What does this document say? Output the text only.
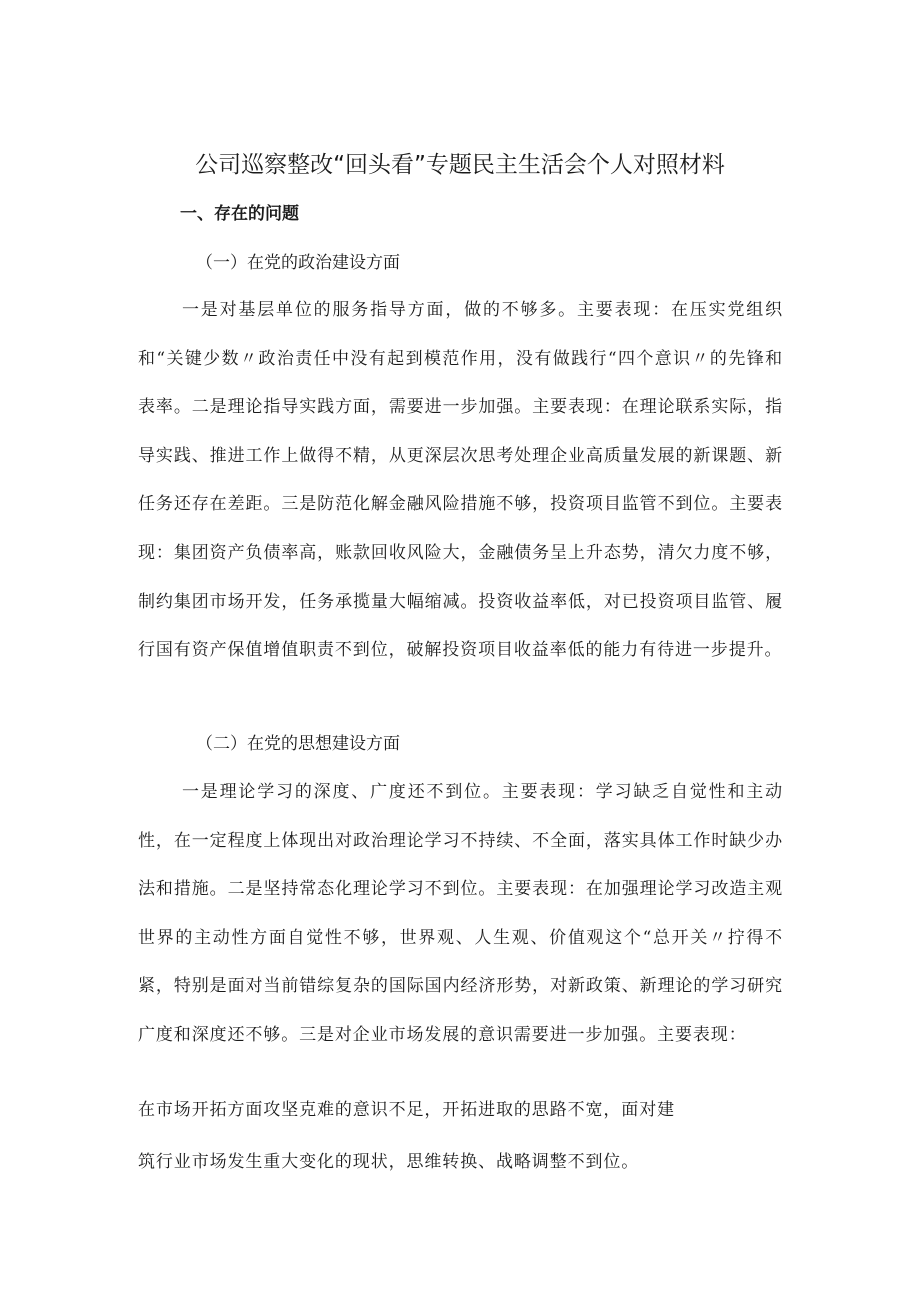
公司巡察整改“回头看”专题民主生活会个人对照材料
一、存在的问题
（一）在党的政治建设方面
一是对基层单位的服务指导方面，做的不够多。主要表现：在压实党组织和“关键少数〃政治责任中没有起到模范作用，没有做践行“四个意识〃的先锋和表率。二是理论指导实践方面，需要进一步加强。主要表现：在理论联系实际，指导实践、推进工作上做得不精，从更深层次思考处理企业高质量发展的新课题、新任务还存在差距。三是防范化解金融风险措施不够，投资项目监管不到位。主要表现：集团资产负债率高，账款回收风险大，金融债务呈上升态势，清欠力度不够，制约集团市场开发，任务承揽量大幅缩减。投资收益率低，对已投资项目监管、履行国有资产保值增值职责不到位，破解投资项目收益率低的能力有待进一步提升。
（二）在党的思想建设方面
一是理论学习的深度、广度还不到位。主要表现：学习缺乏自觉性和主动性，在一定程度上体现出对政治理论学习不持续、不全面，落实具体工作时缺少办法和措施。二是坚持常态化理论学习不到位。主要表现：在加强理论学习改造主观世界的主动性方面自觉性不够，世界观、人生观、价值观这个“总开关〃拧得不紧，特别是面对当前错综复杂的国际国内经济形势，对新政策、新理论的学习研究广度和深度还不够。三是对企业市场发展的意识需要进一步加强。主要表现：
在市场开拓方面攻坚克难的意识不足，开拓进取的思路不宽，面对建
筑行业市场发生重大变化的现状，思维转换、战略调整不到位。
